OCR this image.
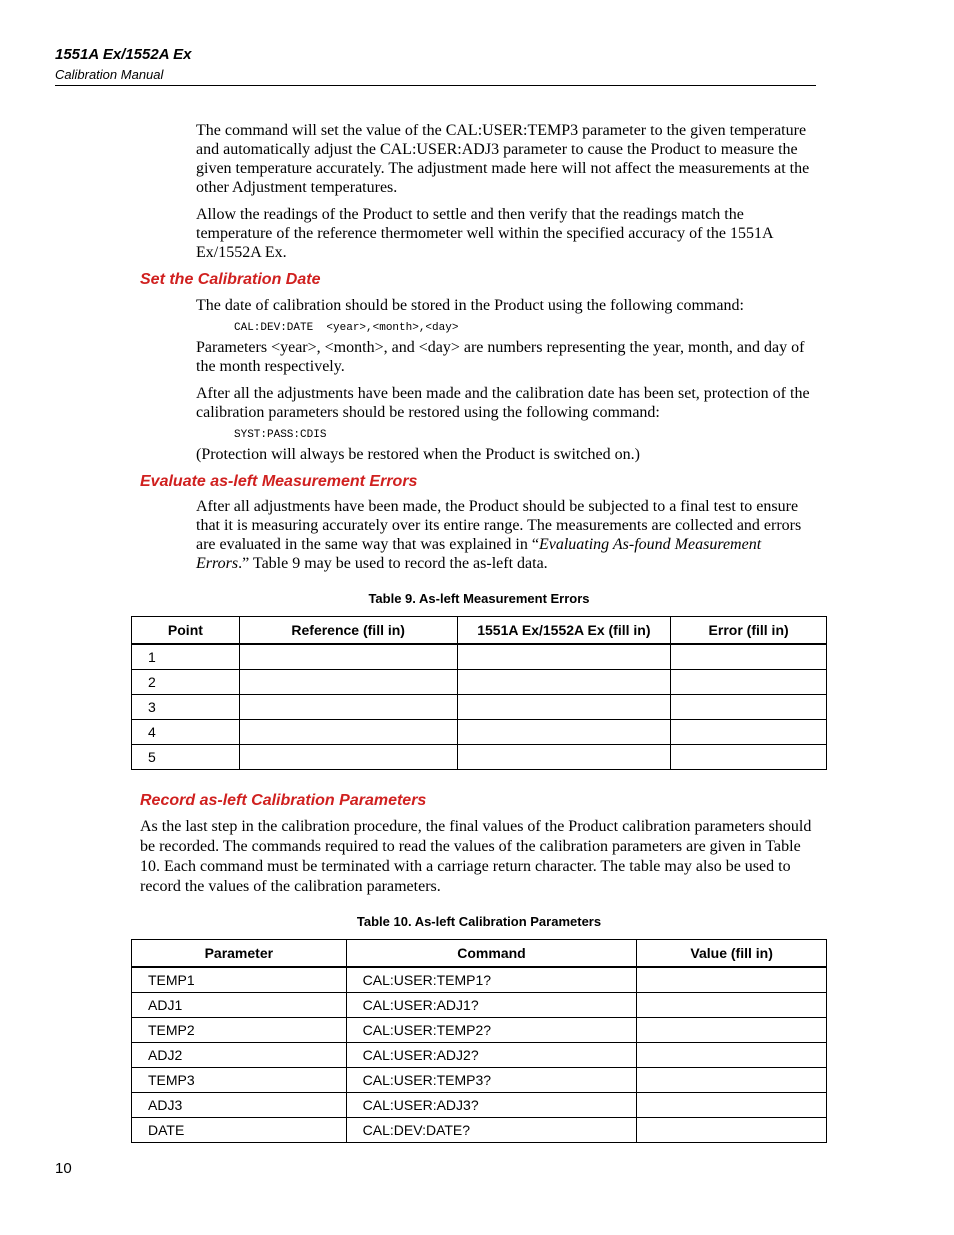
1551A Ex/1552A Ex
Calibration Manual

The command will set the value of the CAL:USER:TEMP3 parameter to the given temperature and automatically adjust the CAL:USER:ADJ3 parameter to cause the Product to measure the given temperature accurately. The adjustment made here will not affect the measurements at the other Adjustment temperatures.

Allow the readings of the Product to settle and then verify that the readings match the temperature of the reference thermometer well within the specified accuracy of the 1551A Ex/1552A Ex.

Set the Calibration Date

The date of calibration should be stored in the Product using the following command:

CAL:DEV:DATE  <year>,<month>,<day>

Parameters <year>, <month>, and <day> are numbers representing the year, month, and day of the month respectively.

After all the adjustments have been made and the calibration date has been set, protection of the calibration parameters should be restored using the following command:

SYST:PASS:CDIS

(Protection will always be restored when the Product is switched on.)

Evaluate as-left Measurement Errors

After all adjustments have been made, the Product should be subjected to a final test to ensure that it is measuring accurately over its entire range. The measurements are collected and errors are evaluated in the same way that was explained in “Evaluating As-found Measurement Errors.” Table 9 may be used to record the as-left data.

Table 9. As-left Measurement Errors
Point	Reference (fill in)	1551A Ex/1552A Ex (fill in)	Error (fill in)
1			
2			
3			
4			
5			
Record as-left Calibration Parameters

As the last step in the calibration procedure, the final values of the Product calibration parameters should be recorded. The commands required to read the values of the calibration parameters are given in Table 10. Each command must be terminated with a carriage return character. The table may also be used to record the values of the calibration parameters.

Table 10. As-left Calibration Parameters
Parameter	Command	Value (fill in)
TEMP1	CAL:USER:TEMP1?	
ADJ1	CAL:USER:ADJ1?	
TEMP2	CAL:USER:TEMP2?	
ADJ2	CAL:USER:ADJ2?	
TEMP3	CAL:USER:TEMP3?	
ADJ3	CAL:USER:ADJ3?	
DATE	CAL:DEV:DATE?	
10
